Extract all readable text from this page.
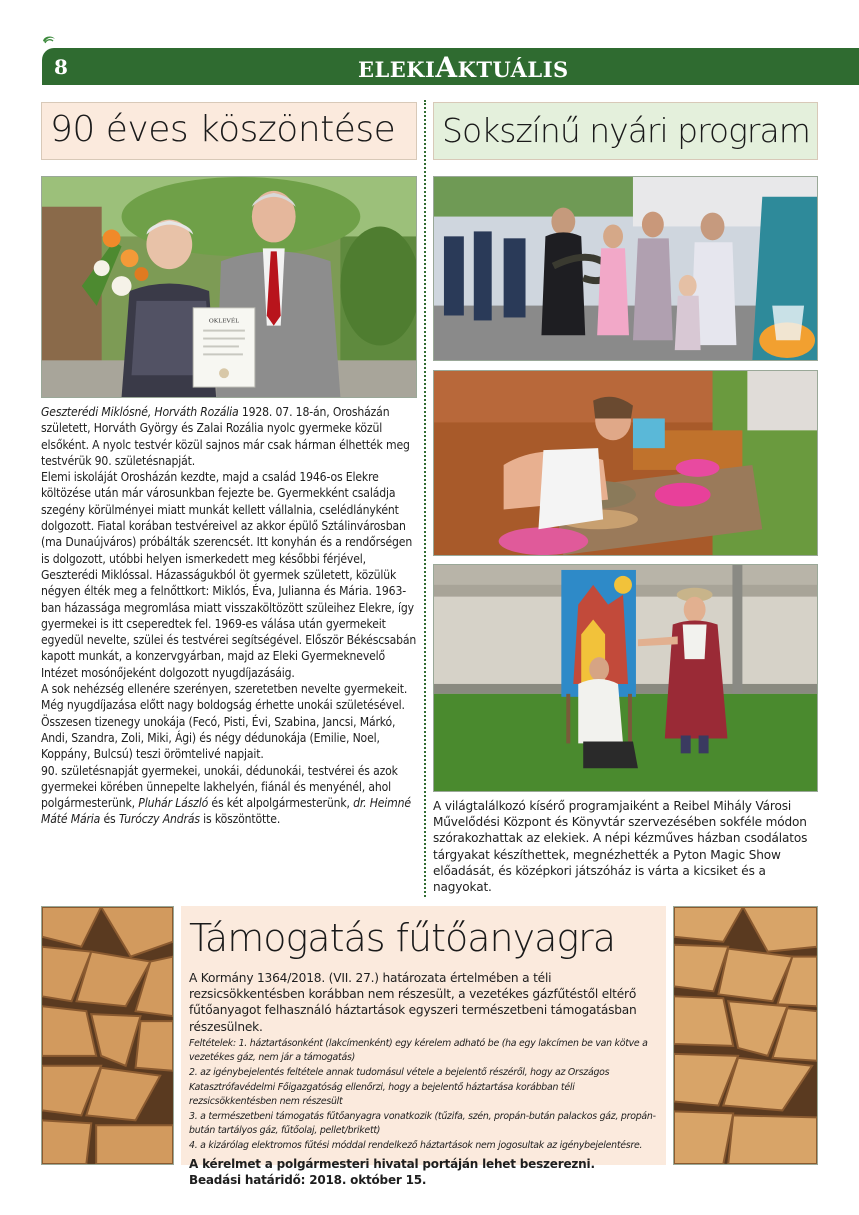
8	ELEKIAKTUÁLIS
90 éves köszöntése	Sokszínű nyári program
OKLEVÉL

Geszterédi Miklósné, Horváth Rozália 1928. 07. 18-án, Orosházán született, Horváth György és Zalai Rozália nyolc gyermeke közül elsőként. A nyolc testvér közül sajnos már csak hárman élhették meg testvérük 90. születésnapját.

Elemi iskoláját Orosházán kezdte, majd a család 1946-os Elekre költözése után már városunkban fejezte be. Gyermekként családja szegény körülményei miatt munkát kellett vállalnia, cselédlányként dolgozott. Fiatal korában testvéreivel az akkor épülő Sztálinvárosban (ma Dunaújváros) próbálták szerencsét. Itt konyhán és a rendőrségen is dolgozott, utóbbi helyen ismerkedett meg későbbi férjével, Geszterédi Miklóssal. Házasságukból öt gyermek született, közülük négyen élték meg a felnőttkort: Miklós, Éva, Julianna és Mária. 1963-ban házassága megromlása miatt visszaköltözött szüleihez Elekre, így gyermekei is itt cseperedtek fel. 1969-es válása után gyermekeit egyedül nevelte, szülei és testvérei segítségével. Először Békéscsabán kapott munkát, a konzervgyárban, majd az Eleki Gyermeknevelő Intézet mosónőjeként dolgozott nyugdíjazásáig.

A sok nehézség ellenére szerényen, szeretetben nevelte gyermekeit. Még nyugdíjazása előtt nagy boldogság érhette unokái születésével. Összesen tizenegy unokája (Fecó, Pisti, Évi, Szabina, Jancsi, Márkó, Andi, Szandra, Zoli, Miki, Ági) és négy dédunokája (Emilie, Noel, Koppány, Bulcsú) teszi örömtelivé napjait.

90. születésnapját gyermekei, unokái, dédunokái, testvérei és azok gyermekei körében ünnepelte lakhelyén, fiánál és menyénél, ahol polgármesterünk, Pluhár László és két alpolgármesterünk, dr. Heimné Máté Mária és Turóczy András is köszöntötte.

A világtalálkozó kísérő programjaiként a Reibel Mihály Városi Művelődési Központ és Könyvtár szervezésében sokféle módon szórakozhattak az elekiek. A népi kézműves házban csodálatos tárgyakat készíthettek, megnézhették a Pyton Magic Show előadását, és középkori játszóház is várta a kicsiket és a nagyokat.
Támogatás fűtőanyagra
A Kormány 1364/2018. (VII. 27.) határozata értelmében a téli rezsicsökkentésben korábban nem részesült, a vezetékes gázfűtéstől eltérő fűtőanyagot felhasználó háztartások egyszeri természetbeni támogatásban részesülnek.
Feltételek: 1. háztartásonként (lakcímenként) egy kérelem adható be (ha egy lakcímen be van kötve a vezetékes gáz, nem jár a támogatás)
2. az igénybejelentés feltétele annak tudomásul vétele a bejelentő részéről, hogy az Országos Katasztrófavédelmi Főigazgatóság ellenőrzi, hogy a bejelentő háztartása korábban téli rezsicsökkentésben nem részesült
3. a természetbeni támogatás fűtőanyagra vonatkozik (tűzifa, szén, propán-bután palackos gáz, propán-bután tartályos gáz, fűtőolaj, pellet/brikett)
4. a kizárólag elektromos fűtési móddal rendelkező háztartások nem jogosultak az igénybejelentésre.
A kérelmet a polgármesteri hivatal portáján lehet beszerezni.
Beadási határidő: 2018. október 15.
